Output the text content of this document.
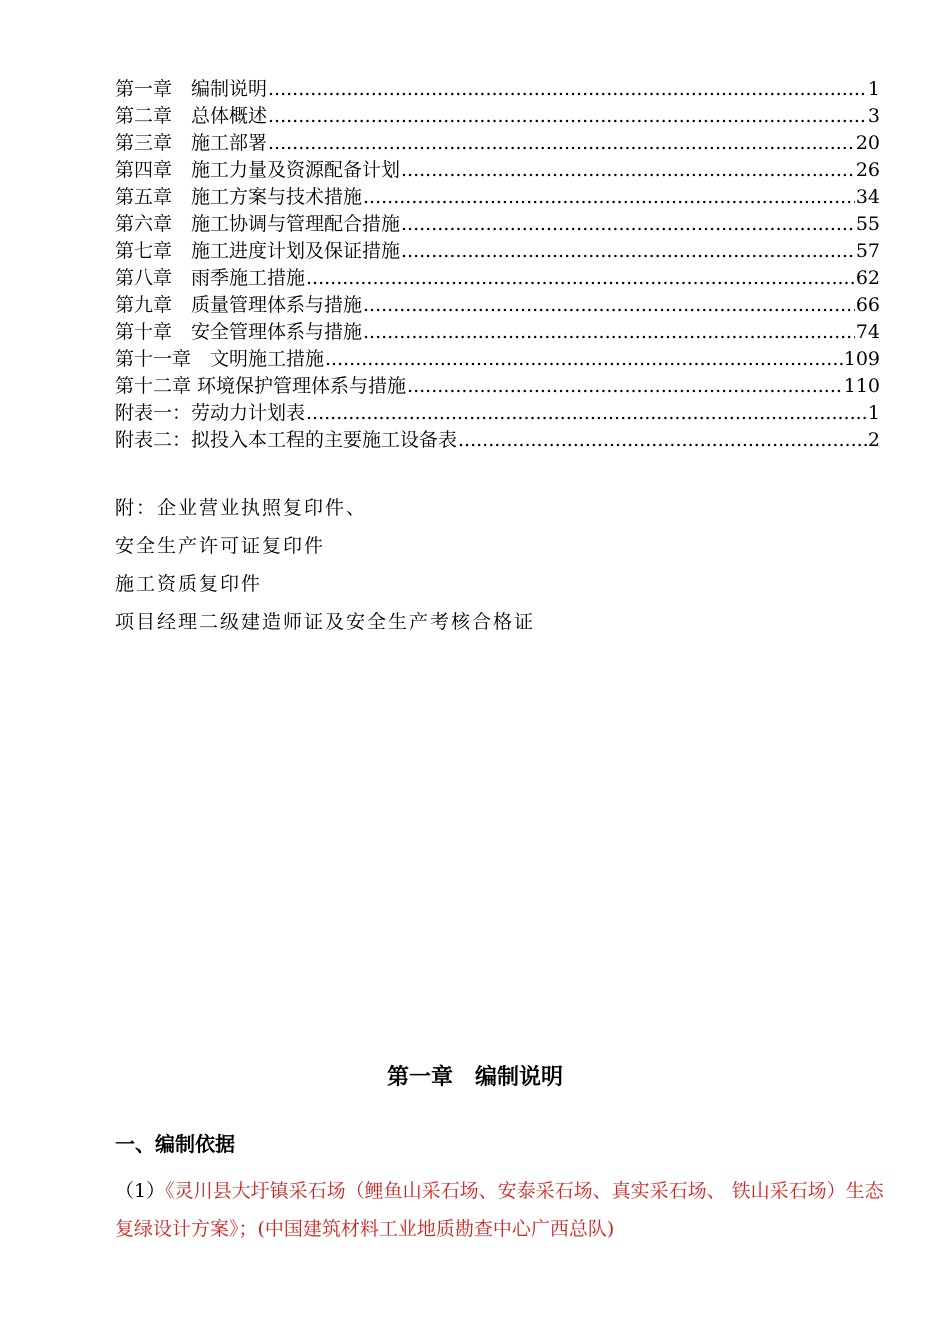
第一章　编制说明 .....	1
第二章　总体概述 .....	3
第三章　施工部署 .....	20
第四章　施工力量及资源配备计划 .....	26
第五章　施工方案与技术措施 .....	34
第六章　施工协调与管理配合措施 .....	55
第七章　施工进度计划及保证措施 .....	57
第八章　雨季施工措施 .....	62
第九章　质量管理体系与措施 .....	66
第十章　安全管理体系与措施 .....	74
第十一章　文明施工措施 .....	109
第十二章 环境保护管理体系与措施 .....	110
附表一：劳动力计划表 .....	1
附表二：拟投入本工程的主要施工设备表 .....	2
附：企业营业执照复印件、
安全生产许可证复印件
施工资质复印件
项目经理二级建造师证及安全生产考核合格证
第一章　编制说明
一、编制依据
（1）《灵川县大圩镇采石场（鲤鱼山采石场、安泰采石场、真实采石场、 铁山采石场）生态复绿设计方案》；(中国建筑材料工业地质勘查中心广西总队)
